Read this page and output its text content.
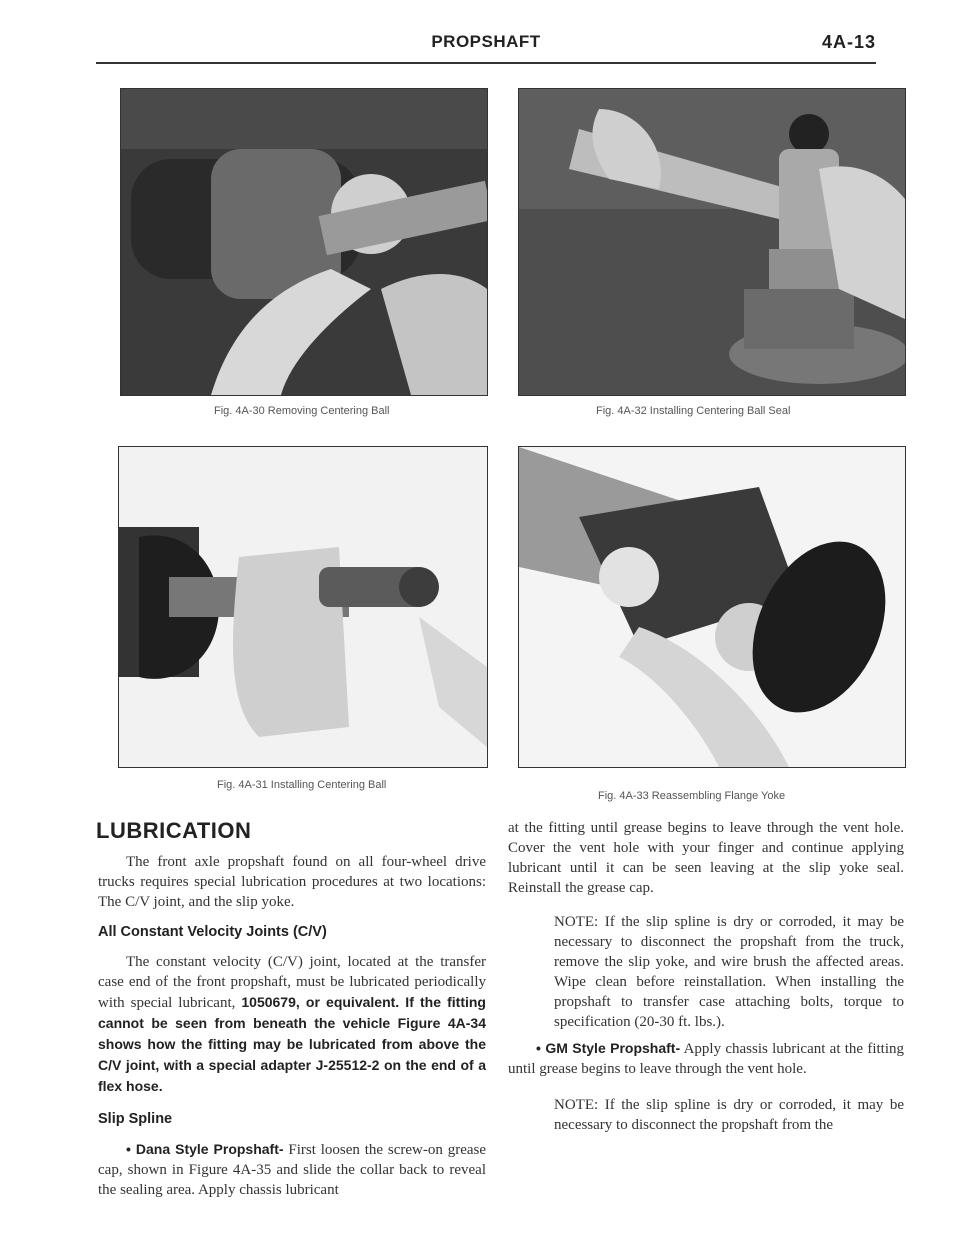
PROPSHAFT	4A-13
Fig. 4A-30 Removing Centering Ball	Fig. 4A-32 Installing Centering Ball Seal
Fig. 4A-31 Installing Centering Ball
Fig. 4A-33 Reassembling Flange Yoke
LUBRICATION

The front axle propshaft found on all four-wheel drive trucks requires special lubrication procedures at two locations: The C/V joint, and the slip yoke.

All Constant Velocity Joints (C/V)

The constant velocity (C/V) joint, located at the transfer case end of the front propshaft, must be lubricated periodically with special lubricant, 1050679, or equivalent. If the fitting cannot be seen from beneath the vehicle Figure 4A-34 shows how the fitting may be lubricated from above the C/V joint, with a special adapter J-25512-2 on the end of a flex hose.

Slip Spline

• Dana Style Propshaft- First loosen the screw-on grease cap, shown in Figure 4A-35 and slide the collar back to reveal the sealing area. Apply chassis lubricant

at the fitting until grease begins to leave through the vent hole. Cover the vent hole with your finger and continue applying lubricant until it can be seen leaving at the slip yoke seal. Reinstall the grease cap.

NOTE: If the slip spline is dry or corroded, it may be necessary to disconnect the propshaft from the truck, remove the slip yoke, and wire brush the affected areas. Wipe clean before reinstallation. When installing the propshaft to transfer case attaching bolts, torque to specification (20-30 ft. lbs.).

• GM Style Propshaft- Apply chassis lubricant at the fitting until grease begins to leave through the vent hole.

NOTE: If the slip spline is dry or corroded, it may be necessary to disconnect the propshaft from the
